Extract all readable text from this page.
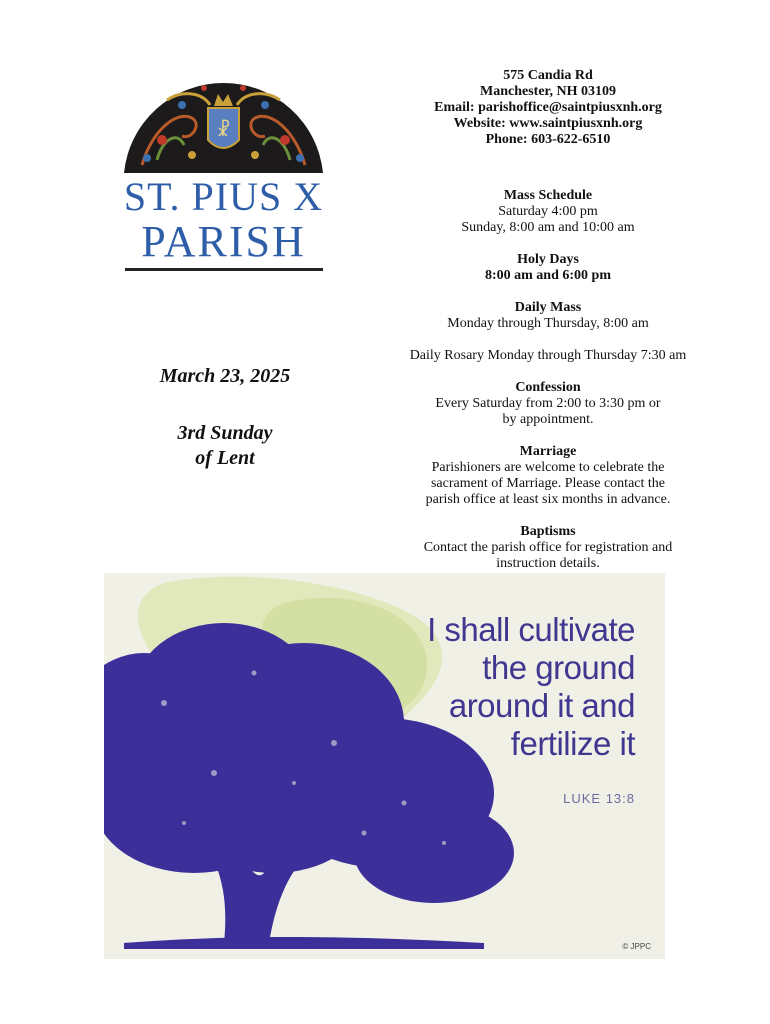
☧
ST. PIUS X
PARISH
March 23, 2025
3rd Sunday
of Lent
575 Candia Rd
Manchester, NH 03109
Email: parishoffice@saintpiusxnh.org
Website: www.saintpiusxnh.org
Phone: 603-622-6510
Mass Schedule
Saturday 4:00 pm
Sunday, 8:00 am and 10:00 am
Holy Days
8:00 am and 6:00 pm
Daily Mass
Monday through Thursday, 8:00 am
Daily Rosary Monday through Thursday 7:30 am
Confession
Every Saturday from 2:00 to 3:30 pm or
by appointment.
Marriage
Parishioners are welcome to celebrate the
sacrament of Marriage. Please contact the
parish office at least six months in advance.
Baptisms
Contact the parish office for registration and
instruction details.
I shall cultivate
the ground
around it and
fertilize it
LUKE 13:8
© JPPC
